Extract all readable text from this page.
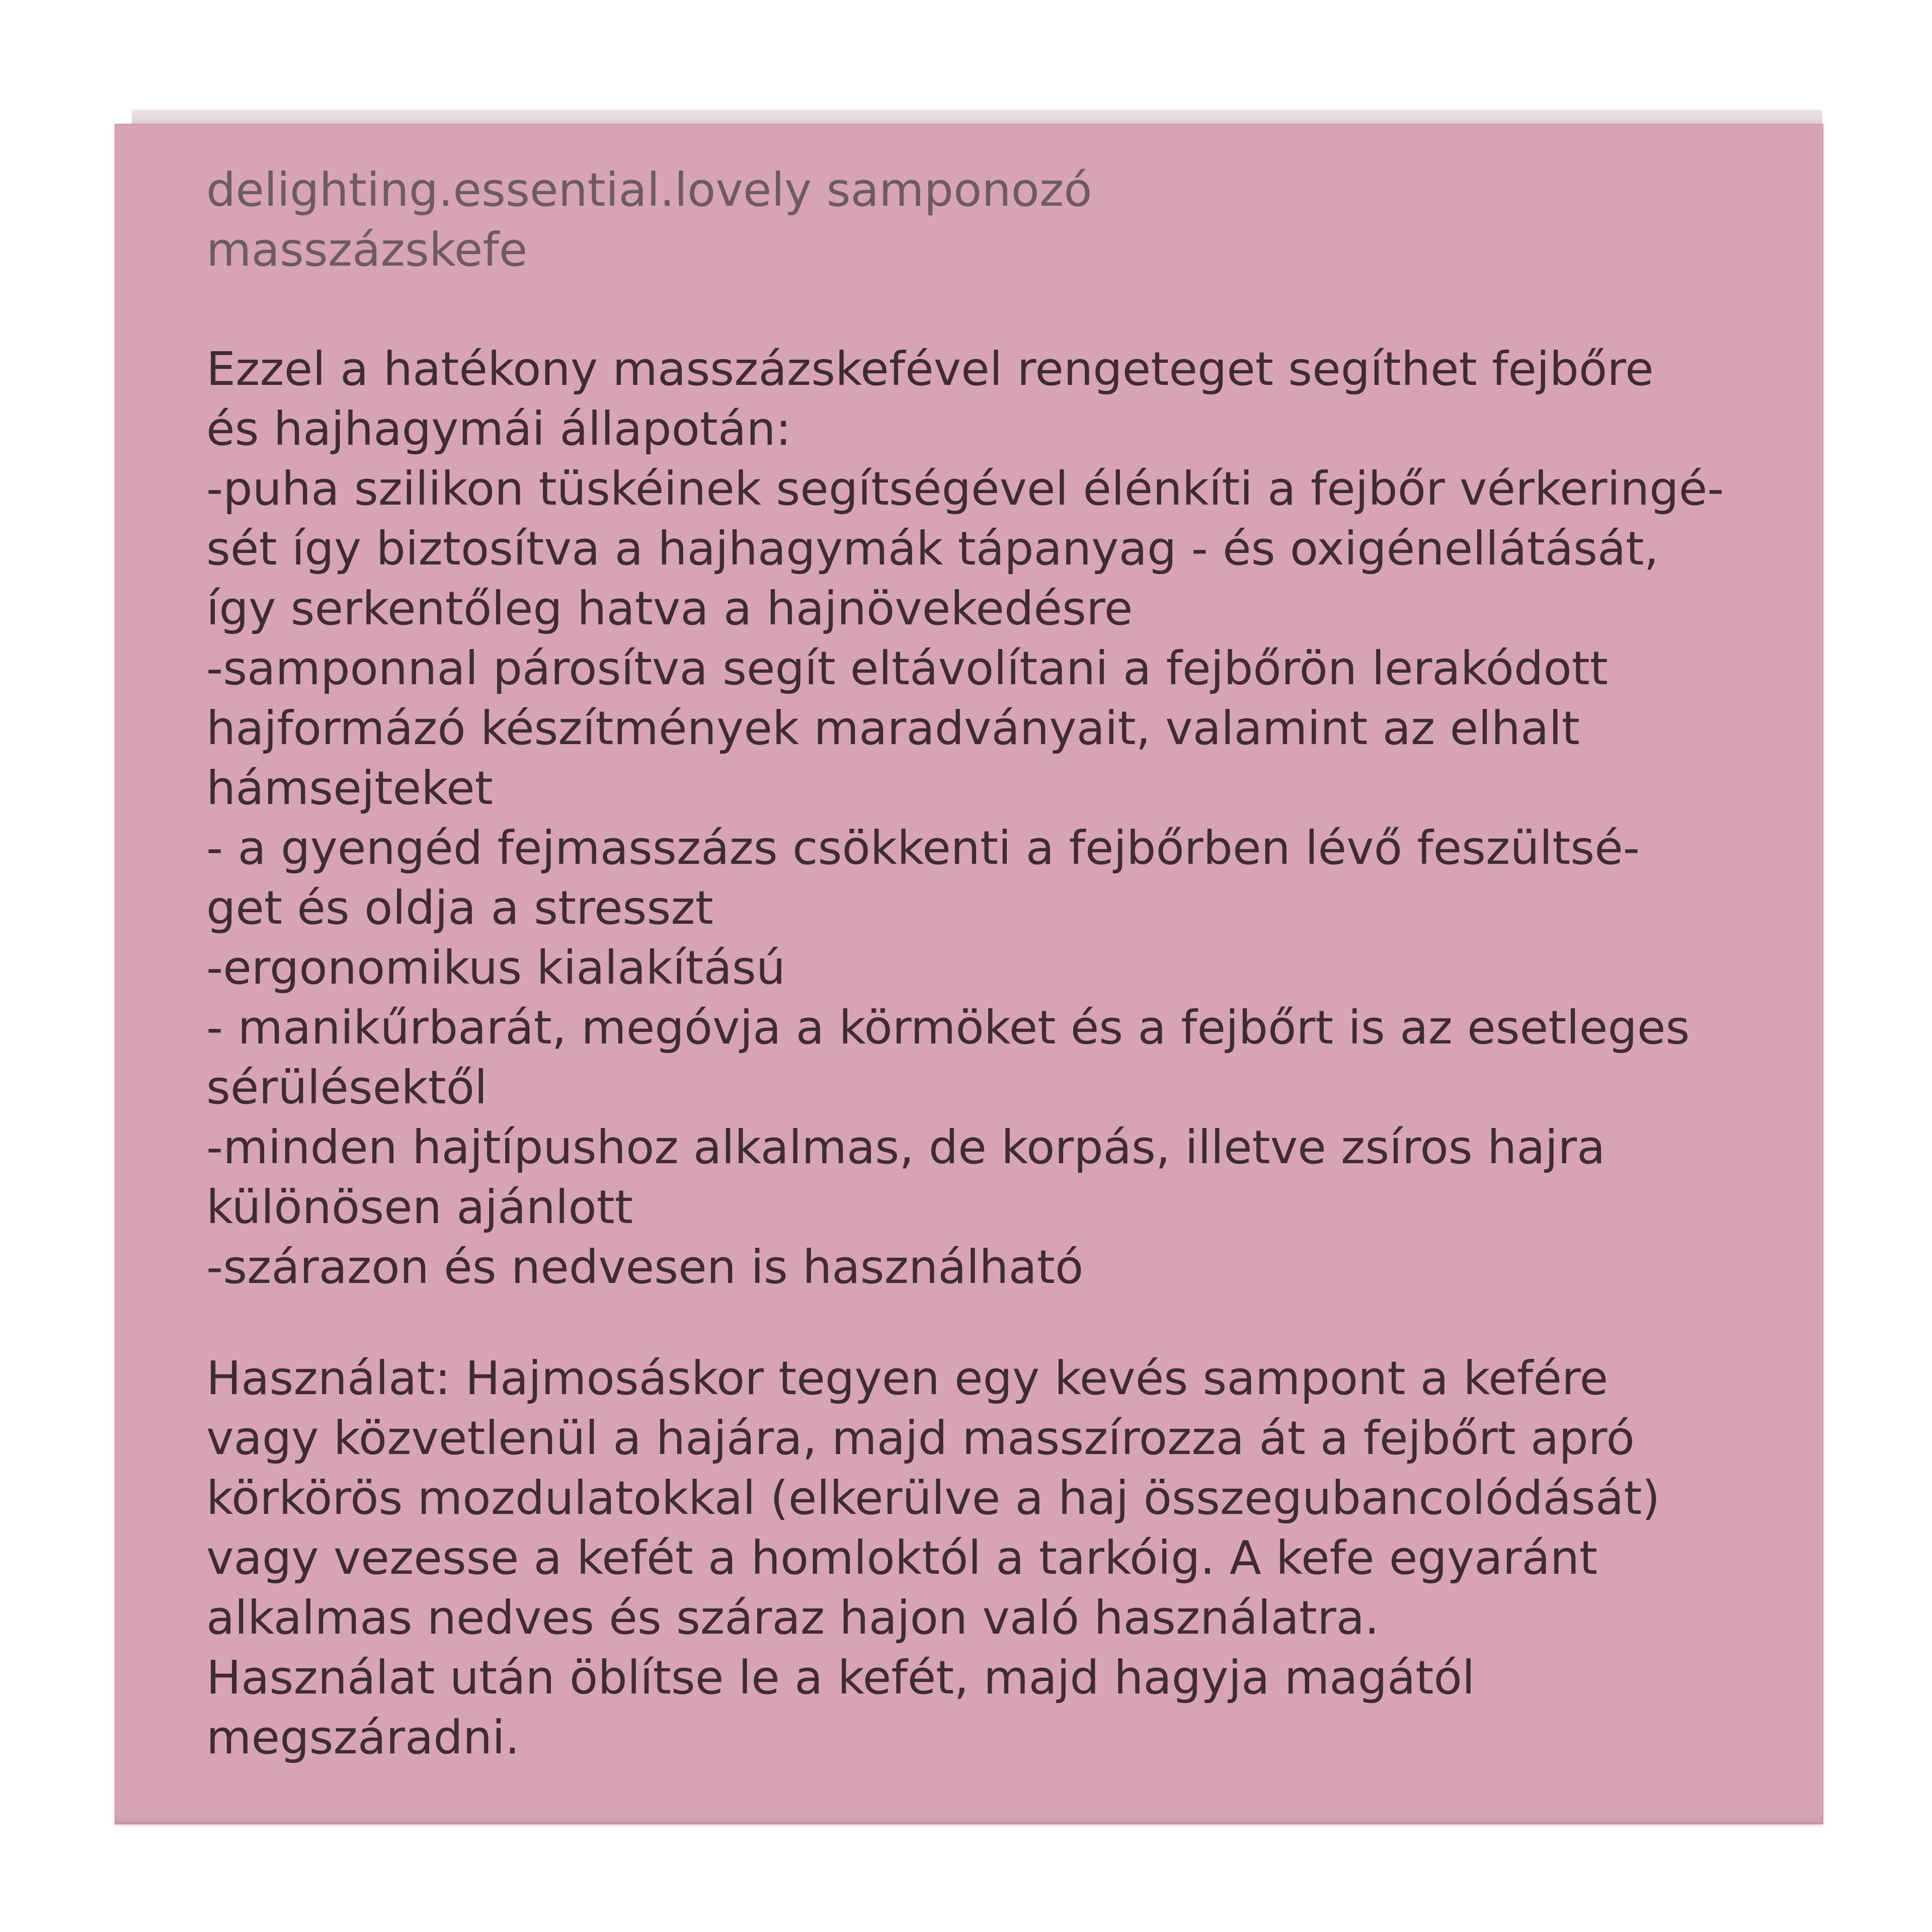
delighting.essential.lovely samponozó
masszázskefe
Ezzel a hatékony masszázskefével rengeteget segíthet fejbőre
és hajhagymái állapotán:
-puha szilikon tüskéinek segítségével élénkíti a fejbőr vérkeringé-
sét így biztosítva a hajhagymák tápanyag - és oxigénellátását,
így serkentőleg hatva a hajnövekedésre
-samponnal párosítva segít eltávolítani a fejbőrön lerakódott
hajformázó készítmények maradványait, valamint az elhalt
hámsejteket
- a gyengéd fejmasszázs csökkenti a fejbőrben lévő feszültsé-
get és oldja a stresszt
-ergonomikus kialakítású
- manikűrbarát, megóvja a körmöket és a fejbőrt is az esetleges
sérülésektől
-minden hajtípushoz alkalmas, de korpás, illetve zsíros hajra
különösen ajánlott
-szárazon és nedvesen is használható
Használat: Hajmosáskor tegyen egy kevés sampont a kefére
vagy közvetlenül a hajára, majd masszírozza át a fejbőrt apró
körkörös mozdulatokkal (elkerülve a haj összegubancolódását)
vagy vezesse a kefét a homloktól a tarkóig. A kefe egyaránt
alkalmas nedves és száraz hajon való használatra.
Használat után öblítse le a kefét, majd hagyja magától
megszáradni.
